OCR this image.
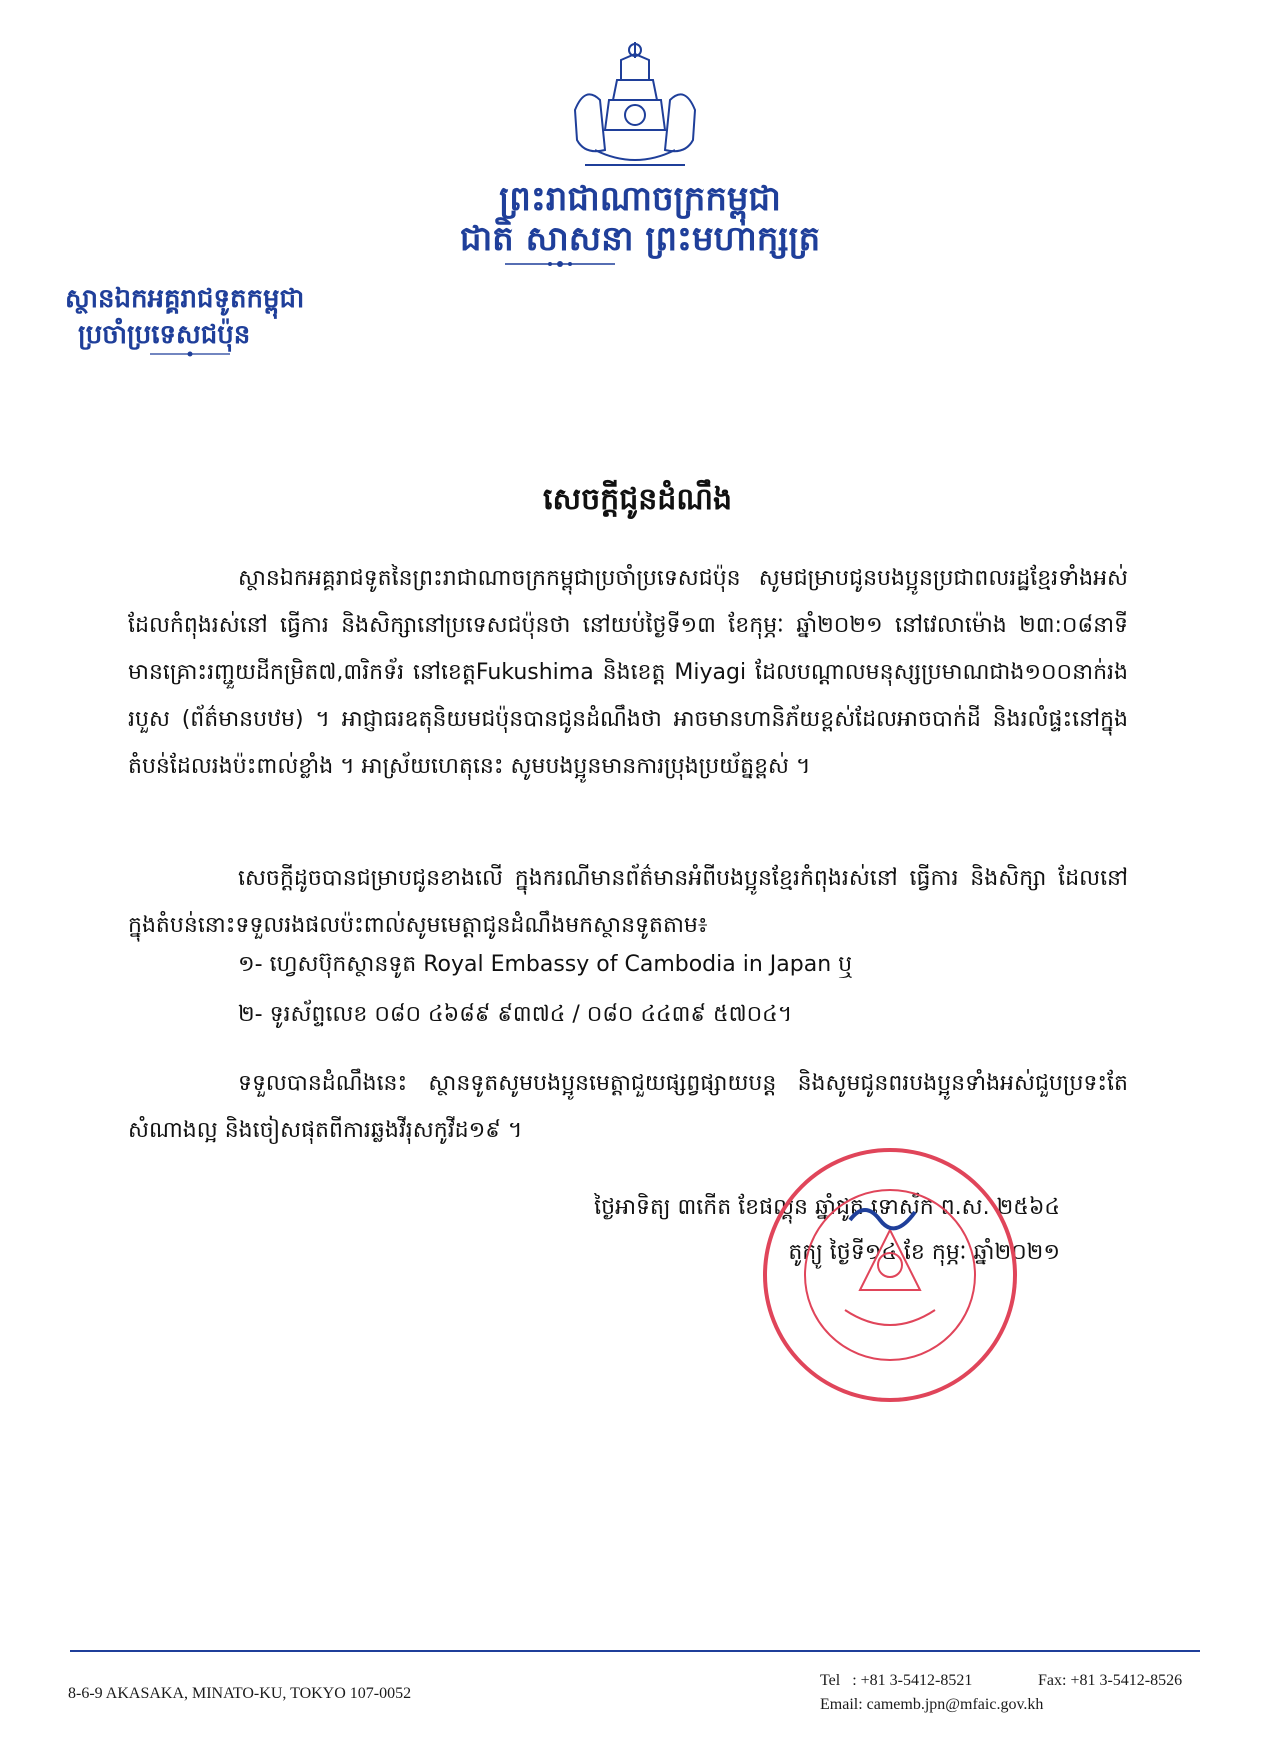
ព្រះរាជាណាចក្រកម្ពុជា
ជាតិ សាសនា ព្រះមហាក្សត្រ
ស្ថានឯកអគ្គរាជទូតកម្ពុជា
ប្រចាំប្រទេសជប៉ុន
សេចក្ដីជូនដំណឹង
ស្ថានឯកអគ្គរាជទូតនៃព្រះរាជាណាចក្រកម្ពុជាប្រចាំប្រទេសជប៉ុន សូមជម្រាបជូនបងប្អូនប្រជាពលរដ្ឋខ្មែរទាំងអស់ដែលកំពុងរស់នៅ ធ្វើការ និងសិក្សានៅប្រទេសជប៉ុនថា នៅយប់ថ្ងៃទី១៣ ខែកុម្ភៈ ឆ្នាំ២០២១ នៅវេលាម៉ោង ២៣:០៨នាទី មានគ្រោះរញ្ជួយដីកម្រិត៧,៣រិកទ័រ នៅខេត្តFukushima និងខេត្ត Miyagi ដែលបណ្ដាលមនុស្សប្រមាណជាង១០០នាក់រងរបួស (ព័ត៌មានបឋម) ។ អាជ្ញាធរឧតុនិយមជប៉ុនបានជូនដំណឹងថា អាចមានហានិភ័យខ្ពស់ដែលអាចបាក់ដី និងរលំផ្ទះនៅក្នុងតំបន់ដែលរងប៉ះពាល់ខ្លាំង ។ អាស្រ័យហេតុនេះ សូមបងប្អូនមានការប្រុងប្រយ័ត្នខ្ពស់ ។
សេចក្ដីដូចបានជម្រាបជូនខាងលើ ក្នុងករណីមានព័ត៌មានអំពីបងប្អូនខ្មែរកំពុងរស់នៅ ធ្វើការ និងសិក្សា ដែលនៅក្នុងតំបន់នោះទទួលរងផលប៉ះពាល់សូមមេត្តាជូនដំណឹងមកស្ថានទូតតាម៖
១- ហ្វេសប៊ុកស្ថានទូត Royal Embassy of Cambodia in Japan ឬ
២- ទូរស័ព្ទលេខ ០៨០ ៤៦៨៩ ៩៣៧៤ / ០៨០ ៤៤៣៩ ៥៧០៤។
ទទួលបានដំណឹងនេះ ស្ថានទូតសូមបងប្អូនមេត្តាជួយផ្សព្វផ្សាយបន្ត និងសូមជូនពរបងប្អូនទាំងអស់ជួបប្រទះតែសំណាងល្អ និងចៀសផុតពីការឆ្លងវីរុសកូវីដ១៩ ។
ថ្ងៃអាទិត្យ ៣កើត ខែផល្គុន ឆ្នាំជូត ទោស័ក ព.ស. ២៥៦៤
តូក្យូ ថ្ងៃទី១៤ ខែ កុម្ភៈ ឆ្នាំ២០២១
8-6-9 AKASAKA, MINATO-KU, TOKYO 107-0052
Tel : +81 3-5412-8521	Fax: +81 3-5412-8526
Email: camemb.jpn@mfaic.gov.kh
